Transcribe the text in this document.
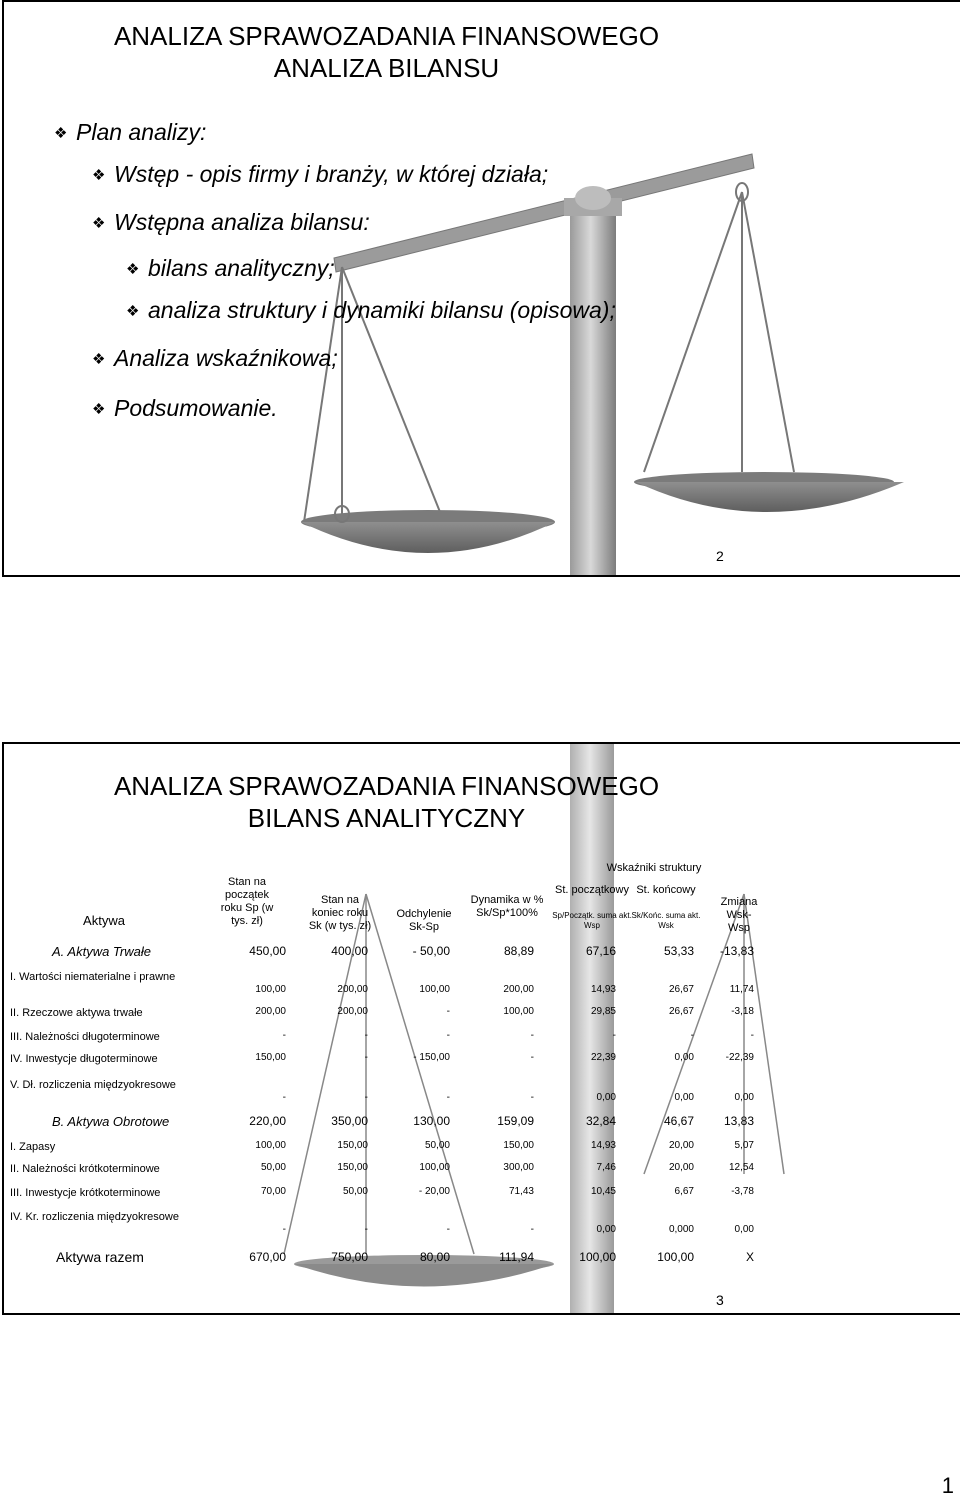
ANALIZA SPRAWOZADANIA FINANSOWEGO
ANALIZA BILANSU
❖ Plan analizy:
❖ Wstęp - opis firmy i branży, w której działa;
❖ Wstępna analiza bilansu:
❖ bilans analityczny;
❖ analiza struktury i dynamiki bilansu (opisowa);
❖ Analiza wskaźnikowa;
❖ Podsumowanie.
2
ANALIZA SPRAWOZADANIA FINANSOWEGO
BILANS ANALITYCZNY
Aktywa
Stan na początek roku Sp (w tys. zł)
Stan na koniec roku Sk (w tys. zł)
Odchylenie Sk-Sp
Dynamika w % Sk/Sp*100%
Wskaźniki struktury
St. początkowy
Sp/Początk. suma akt. Wsp
St. końcowy
Sk/Końc. suma akt. Wsk
Zmiana Wsk-Wsp
A. Aktywa Trwałe	450,00	400,00	- 50,00	88,89	67,16	53,33	-13,83
I. Wartości niematerialne i prawne
100,00	200,00	100,00	200,00	14,93	26,67	11,74
II. Rzeczowe aktywa trwałe	200,00	200,00	-	100,00	29,85	26,67	-3,18
III. Należności długoterminowe	-	-	-	-	-	-	-
IV. Inwestycje długoterminowe	150,00	-	- 150,00	-	22,39	0,00	-22,39
V. Dł. rozliczenia międzyokresowe
-	-	-	-	0,00	0,00	0,00
B. Aktywa Obrotowe	220,00	350,00	130,00	159,09	32,84	46,67	13,83
I. Zapasy	100,00	150,00	50,00	150,00	14,93	20,00	5,07
II. Należności krótkoterminowe	50,00	150,00	100,00	300,00	7,46	20,00	12,54
III. Inwestycje krótkoterminowe	70,00	50,00	- 20,00	71,43	10,45	6,67	-3,78
IV. Kr. rozliczenia międzyokresowe
-	-	-	-	0,00	0,000	0,00
Aktywa razem	670,00	750,00	80,00	111,94	100,00	100,00	X
3
1
